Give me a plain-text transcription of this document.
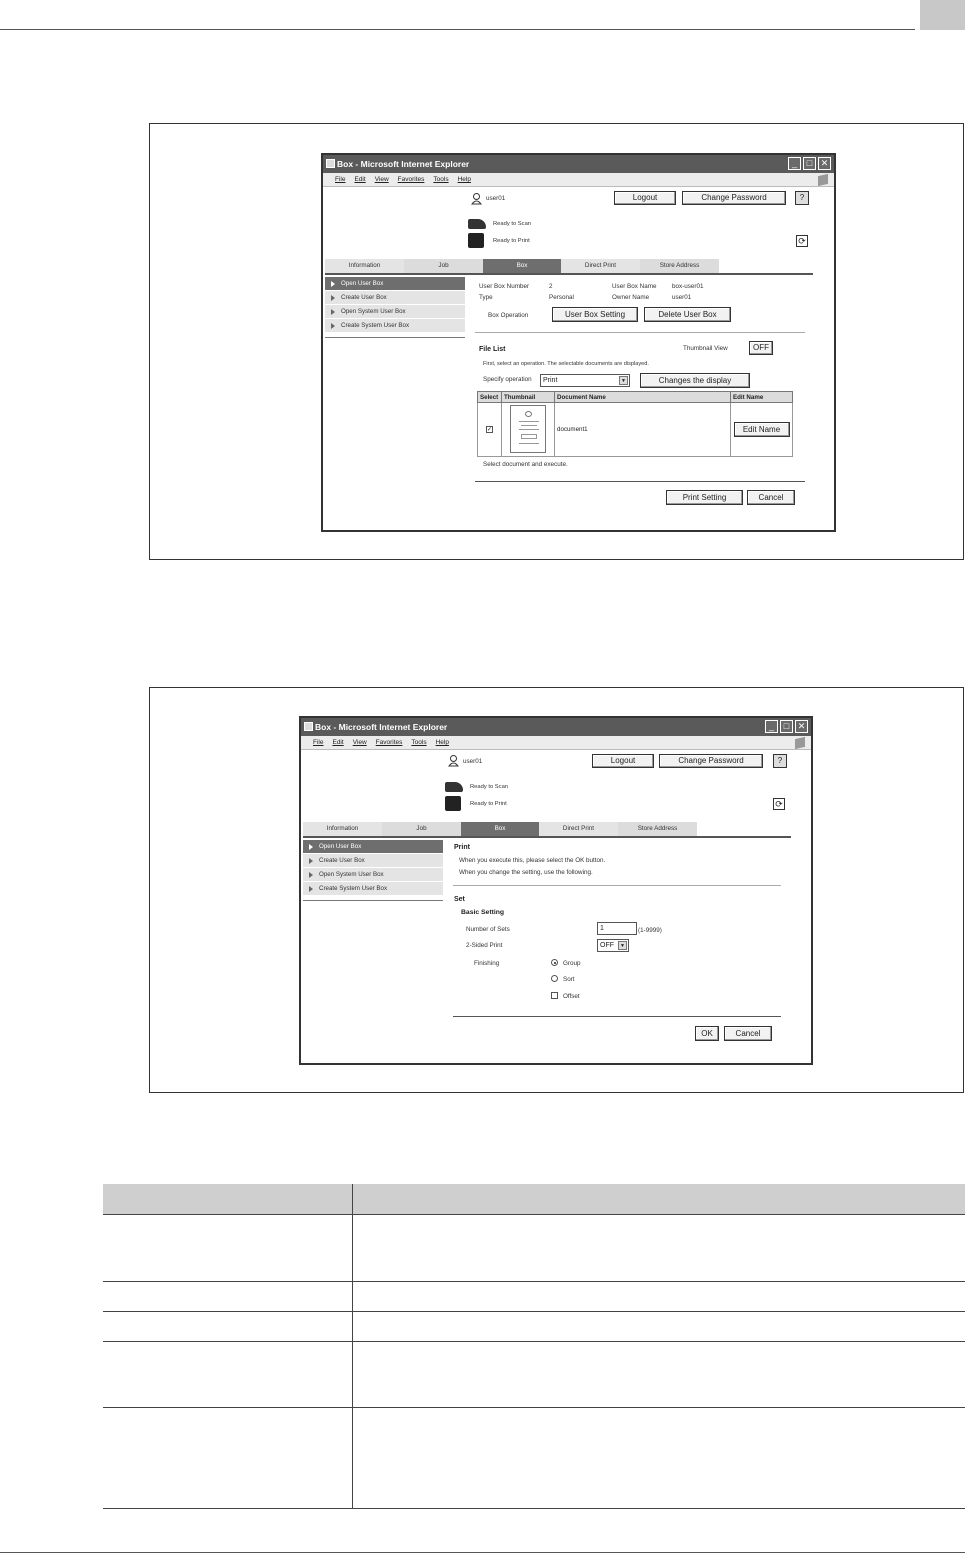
Box - Microsoft Internet Explorer	_	□ ✕
File Edit View Favorites Tools Help
user01	Logout	Change Password	?
Ready to Scan
Ready to Print	⟳
Information	Job	Box	Direct Print	Store Address
Open User Box
Create User Box
Open System User Box
Create System User Box
User Box Number	2	User Box Name box-user01
Type	Personal	Owner Name	user01
Box Operation	User Box Setting	Delete User Box
File List	Thumbnail View	OFF
First, select an operation. The selectable documents are displayed.
Specify operation	Print	▼	Changes the display
Select	Thumbnail	Document Name	Edit Name
✓		document1	Edit Name
Select document and execute.
Print Setting	Cancel
Box - Microsoft Internet Explorer	_	□ ✕
File Edit View Favorites Tools Help
user01	Logout	Change Password	?
Ready to Scan
Ready to Print	⟳
Information	Job	Box	Direct Print	Store Address
Open User Box
Create User Box
Open System User Box
Create System User Box
Print
When you execute this, please select the OK button.
When you change the setting, use the following.
Set
Basic Setting
Number of Sets	1	(1-9999)
2-Sided Print	OFF	▼
Finishing	Group
Sort
Offset
OK	Cancel
